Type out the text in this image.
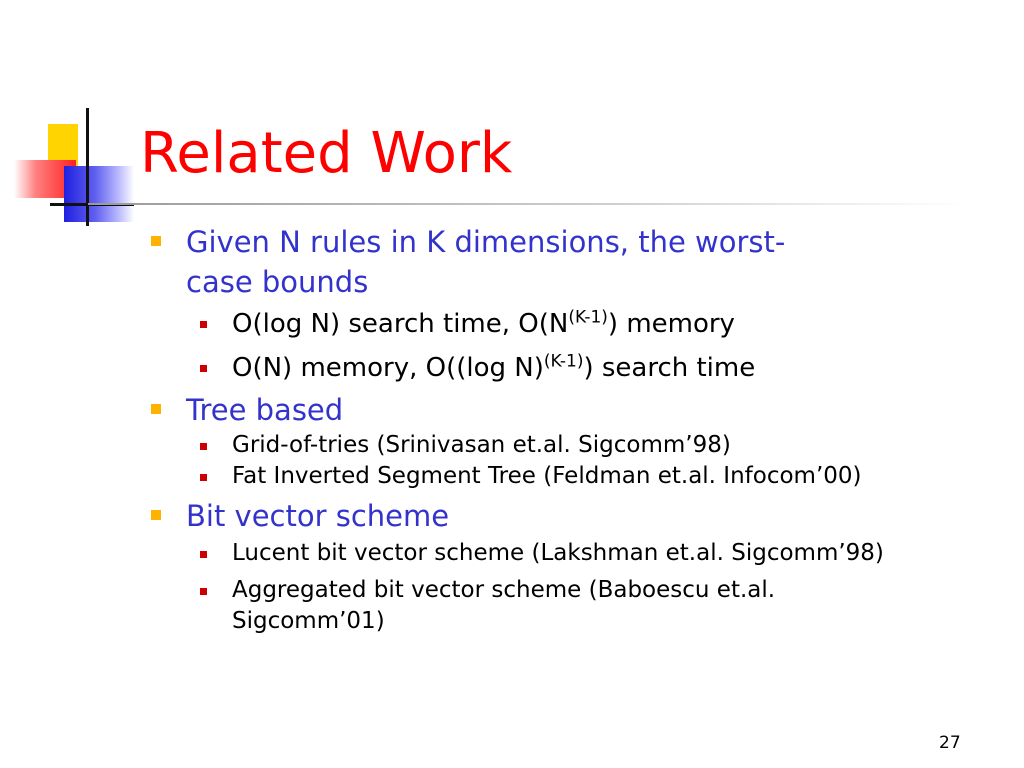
Related Work

Given N rules in K dimensions, the worst-
case bounds

O(log N) search time, $O(N^{(K-1)})$ memory

O(N) memory, O((log N)$^{(K-1)}$) search time

Tree based

Grid-of-tries (Srinivasan et.al. Sigcomm’98)

Fat Inverted Segment Tree (Feldman et.al. Infocom’00)

Bit vector scheme

Lucent bit vector scheme (Lakshman et.al. Sigcomm’98)

Aggregated bit vector scheme (Baboescu et.al.
Sigcomm’01)

27
